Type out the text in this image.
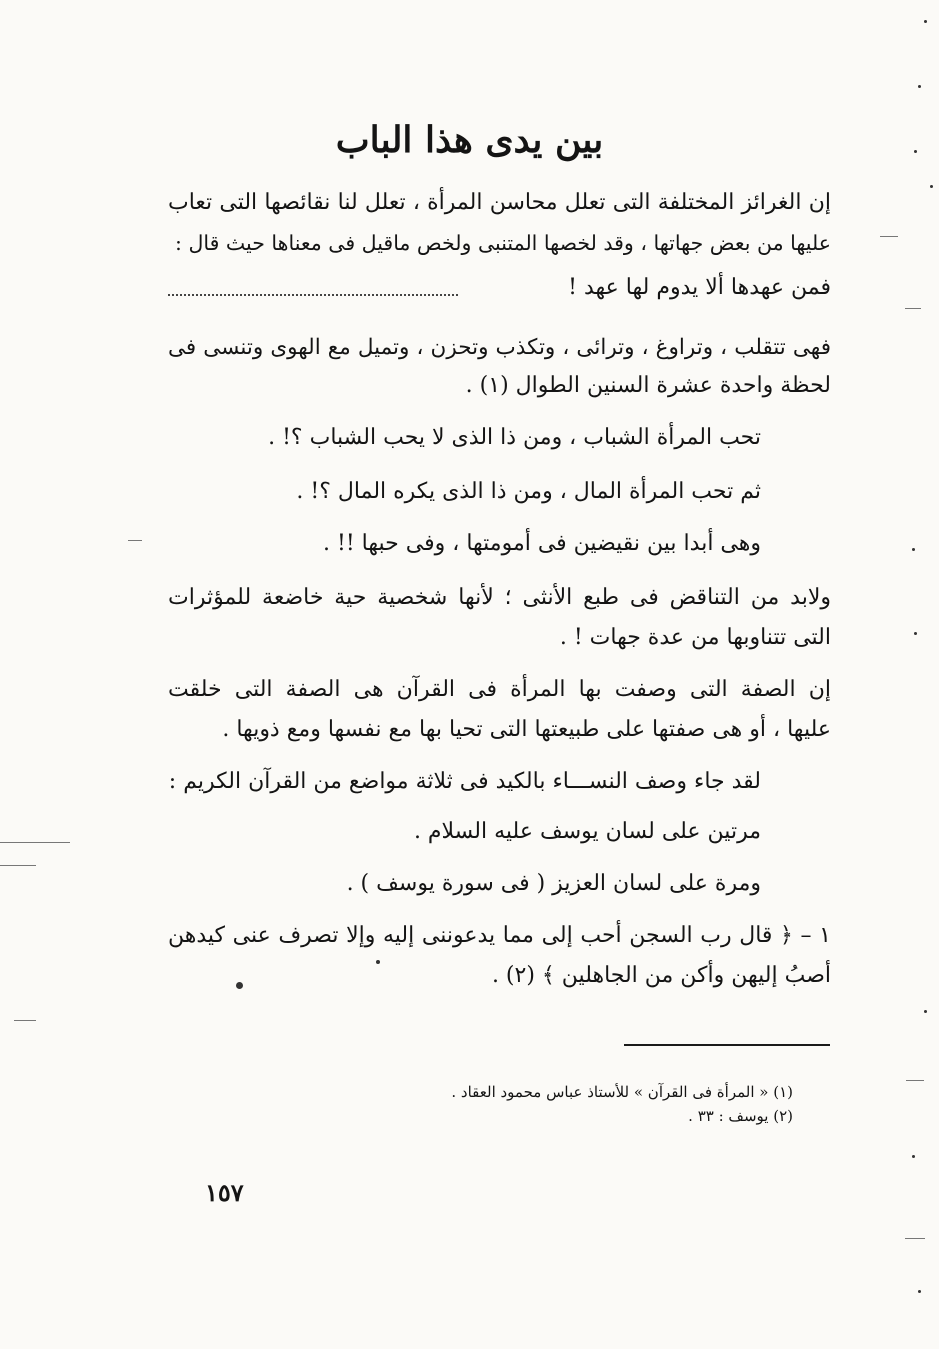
بين يدى هذا الباب

إن الغرائز المختلفة التى تعلل محاسن المرأة ، تعلل لنا نقائصها التى تعاب

عليها من بعض جهاتها ، وقد لخصها المتنبى ولخص ماقيل فى معناها حيث قال :

فمن عهدها ألا يدوم لها عهد !

فهى تتقلب ، وتراوغ ، وترائى ، وتكذب وتحزن ، وتميل مع الهوى وتنسى فى

لحظة واحدة عشرة السنين الطوال (١) .

تحب المرأة الشباب ، ومن ذا الذى لا يحب الشباب ؟! .

ثم تحب المرأة المال ، ومن ذا الذى يكره المال ؟! .

وهى أبدا بين نقيضين فى أمومتها ، وفى حبها !! .

ولابد من التناقض فى طبع الأنثى ؛ لأنها شخصية حية خاضعة للمؤثرات

التى تتناوبها من عدة جهات ! .

إن الصفة التى وصفت بها المرأة فى القرآن هى الصفة التى خلقت

عليها ، أو هى صفتها على طبيعتها التى تحيا بها مع نفسها ومع ذويها .

لقد جاء وصف النســـاء بالكيد فى ثلاثة مواضع من القرآن الكريم :

مرتين على لسان يوسف عليه السلام .

ومرة على لسان العزيز ( فى سورة يوسف ) .

١ – ﴿ قال رب السجن أحب إلى مما يدعوننى إليه وإلا تصرف عنى كيدهن

أصبُ إليهن وأكن من الجاهلين ﴾ (٢) .

(١) « المرأة فى القرآن » للأستاذ عباس محمود العقاد .

(٢) يوسف : ٣٣ .

١٥٧
